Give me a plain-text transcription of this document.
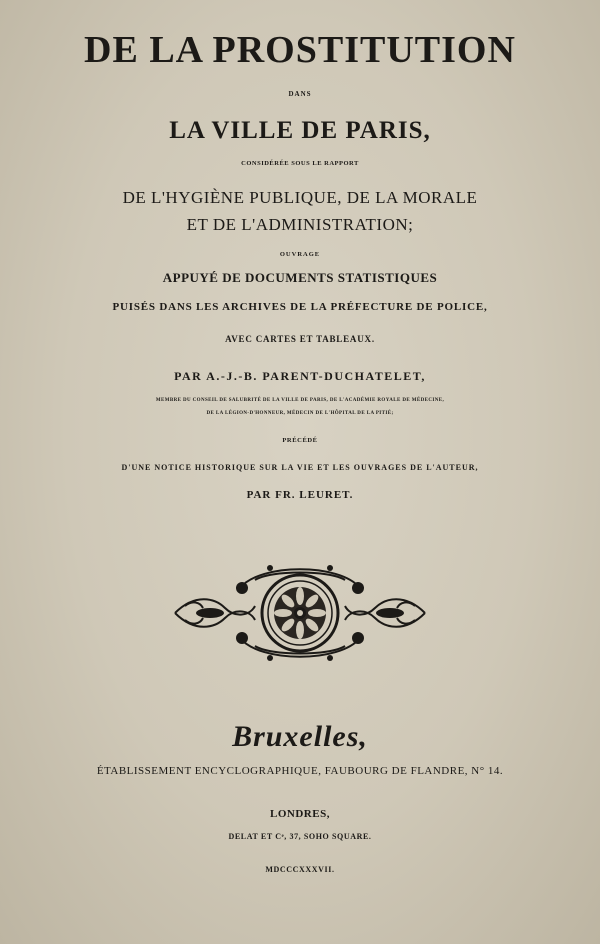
DE LA PROSTITUTION
DANS
LA VILLE DE PARIS,
CONSIDÉRÉE SOUS LE RAPPORT
DE L'HYGIÈNE PUBLIQUE, DE LA MORALE
ET DE L'ADMINISTRATION;
OUVRAGE
APPUYÉ DE DOCUMENTS STATISTIQUES
PUISÉS DANS LES ARCHIVES DE LA PRÉFECTURE DE POLICE,
AVEC CARTES ET TABLEAUX.
PAR A.-J.-B. PARENT-DUCHATELET,
MEMBRE DU CONSEIL DE SALUBRITÉ DE LA VILLE DE PARIS, DE L'ACADÉMIE ROYALE DE MÉDECINE,
DE LA LÉGION-D'HONNEUR, MÉDECIN DE L'HÔPITAL DE LA PITIÉ;
PRÉCÉDÉ
D'UNE NOTICE HISTORIQUE SUR LA VIE ET LES OUVRAGES DE L'AUTEUR,
PAR FR. LEURET.
Bruxelles,
ÉTABLISSEMENT ENCYCLOGRAPHIQUE, FAUBOURG DE FLANDRE, N° 14.
LONDRES,
DELAT ET Cᵉ, 37, SOHO SQUARE.
MDCCCXXXVII.
